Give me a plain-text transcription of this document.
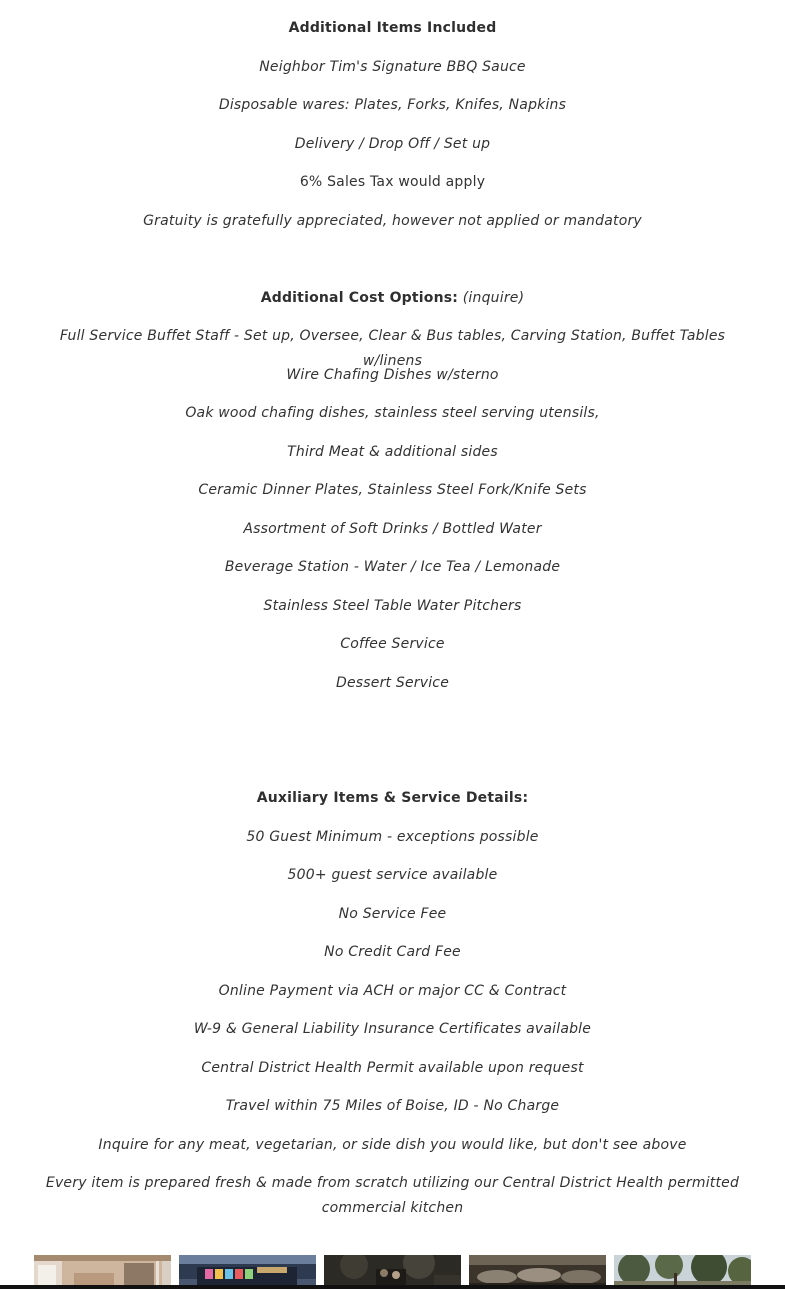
Additional Items Included
Neighbor Tim's Signature BBQ Sauce
Disposable wares: Plates, Forks, Knifes, Napkins
Delivery / Drop Off / Set up
6% Sales Tax would apply
Gratuity is gratefully appreciated, however not applied or mandatory
Additional Cost Options: (inquire)
Full Service Buffet Staff - Set up, Oversee, Clear & Bus tables, Carving Station, Buffet Tables w/linens
Wire Chafing Dishes w/sterno
Oak wood chafing dishes, stainless steel serving utensils,
Third Meat & additional sides
Ceramic Dinner Plates, Stainless Steel Fork/Knife Sets
Assortment of Soft Drinks / Bottled Water
Beverage Station - Water / Ice Tea / Lemonade
Stainless Steel Table Water Pitchers
Coffee Service
Dessert Service
Auxiliary Items & Service Details:
50 Guest Minimum - exceptions possible
500+ guest service available
No Service Fee
No Credit Card Fee
Online Payment via ACH or major CC & Contract
W-9 & General Liability Insurance Certificates available
Central District Health Permit available upon request
Travel within 75 Miles of Boise, ID - No Charge
Inquire for any meat, vegetarian, or side dish you would like, but don't see above
Every item is prepared fresh & made from scratch utilizing our Central District Health permitted commercial kitchen
